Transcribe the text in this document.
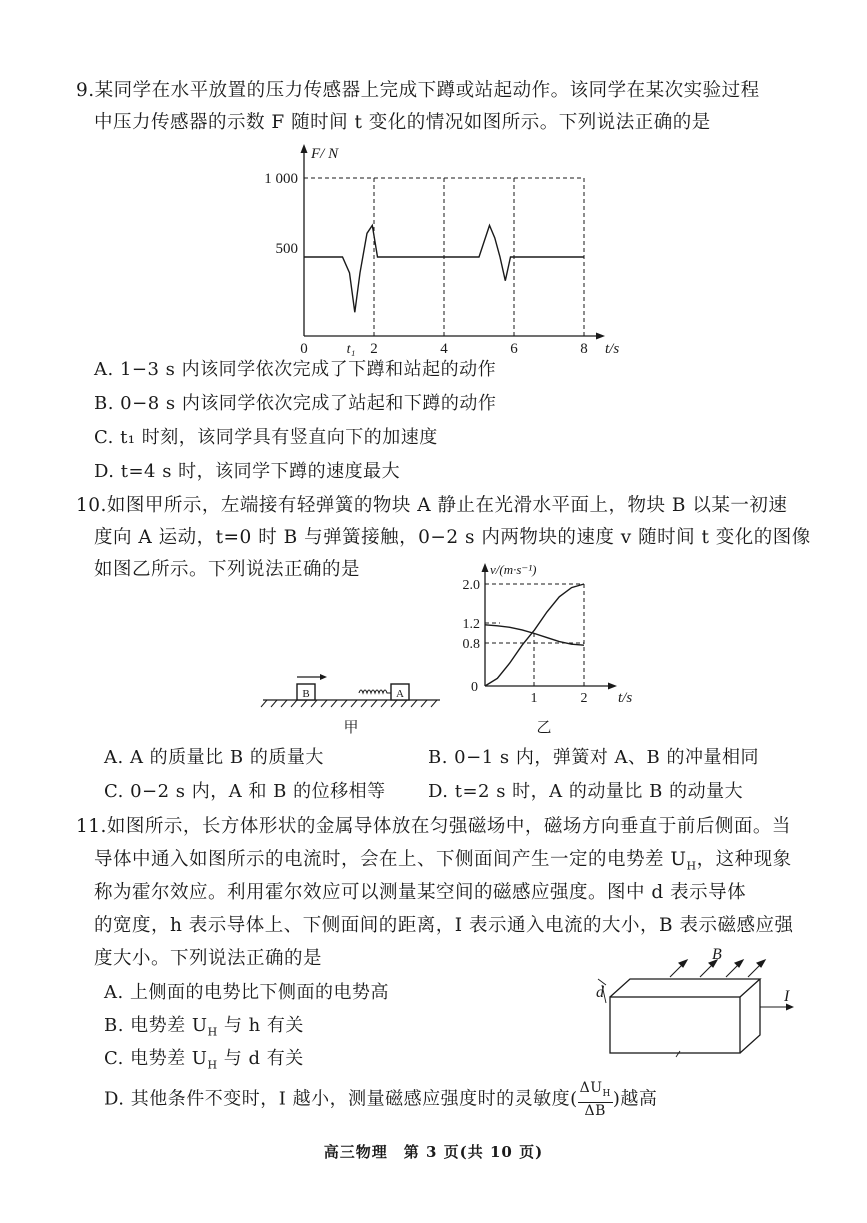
9.某同学在水平放置的压力传感器上完成下蹲或站起动作。该同学在某次实验过程
中压力传感器的示数 F 随时间 t 变化的情况如图所示。下列说法正确的是
F/ N
1 000
500
0	t₁ 2	4	6	8 t/s
A. 1−3 s 内该同学依次完成了下蹲和站起的动作
B. 0−8 s 内该同学依次完成了站起和下蹲的动作
C. t₁ 时刻，该同学具有竖直向下的加速度
D. t=4 s 时，该同学下蹲的速度最大
10.如图甲所示，左端接有轻弹簧的物块 A 静止在光滑水平面上，物块 B 以某一初速
度向 A 运动，t=0 时 B 与弹簧接触，0−2 s 内两物块的速度 v 随时间 t 变化的图像
如图乙所示。下列说法正确的是
B	A
甲
v/(m·s⁻¹)
2.0
1.2
0.8
0
1	2 t/s
乙
A. A 的质量比 B 的质量大	B. 0−1 s 内，弹簧对 A、B 的冲量相同
C. 0−2 s 内，A 和 B 的位移相等 D. t=2 s 时，A 的动量比 B 的动量大
11.如图所示，长方体形状的金属导体放在匀强磁场中，磁场方向垂直于前后侧面。当
导体中通入如图所示的电流时，会在上、下侧面间产生一定的电势差 $U_H$，这种现象
称为霍尔效应。利用霍尔效应可以测量某空间的磁感应强度。图中 d 表示导体
的宽度，h 表示导体上、下侧面间的距离，I 表示通入电流的大小，B 表示磁感应强
度大小。下列说法正确的是
A. 上侧面的电势比下侧面的电势高
B. 电势差 $U_H$ 与 h 有关
C. 电势差 $U_H$ 与 d 有关
D. 其他条件不变时，I 越小，测量磁感应强度时的灵敏度( $\frac{\Delta U_H}{\Delta B}$ )越高
B
I
d
高三物理　第 3 页(共 10 页)
